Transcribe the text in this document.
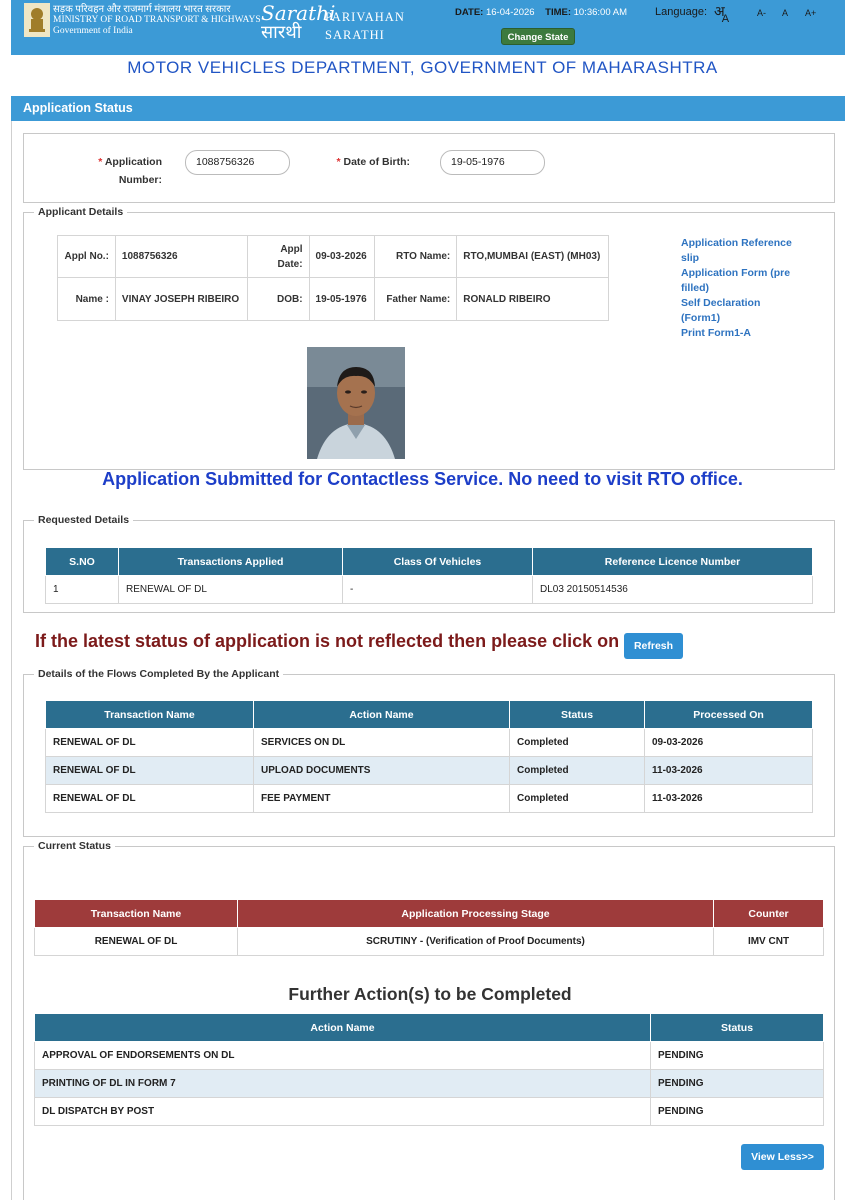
सड़क परिवहन और राजमार्ग मंत्रालय भारत सरकार
MINISTRY OF ROAD TRANSPORT & HIGHWAYS
Government of India
Sarathi
सारथी
PARIVAHAN
SARATHI
DATE: 16-04-2026 TIME: 10:36:00 AM
Change State
Language: अ$_A$	A- A A+
MOTOR VEHICLES DEPARTMENT, GOVERNMENT OF MAHARASHTRA
Application Status
* Application
Number:
1088756326	* Date of Birth:	19-05-1976
Applicant Details
Appl No.:	1088756326	Appl Date:	09-03-2026	RTO Name:	RTO,MUMBAI (EAST) (MH03)
Name :	VINAY JOSEPH RIBEIRO	DOB:	19-05-1976	Father Name:	RONALD RIBEIRO
Application Reference slip
Application Form (pre filled)
Self Declaration (Form1)
Print Form1-A
Application Submitted for Contactless Service. No need to visit RTO office.
Requested Details
S.NO	Transactions Applied	Class Of Vehicles	Reference Licence Number
1	RENEWAL OF DL	-	DL03 20150514536
If the latest status of application is not reflected then please click on	Refresh
Details of the Flows Completed By the Applicant
Transaction Name	Action Name	Status	Processed On
RENEWAL OF DL	SERVICES ON DL	Completed	09-03-2026
RENEWAL OF DL	UPLOAD DOCUMENTS	Completed	11-03-2026
RENEWAL OF DL	FEE PAYMENT	Completed	11-03-2026
Current Status
Transaction Name	Application Processing Stage	Counter
RENEWAL OF DL	SCRUTINY - (Verification of Proof Documents)	IMV CNT
Further Action(s) to be Completed
Action Name	Status
APPROVAL OF ENDORSEMENTS ON DL	PENDING
PRINTING OF DL IN FORM 7	PENDING
DL DISPATCH BY POST	PENDING
View Less>>
